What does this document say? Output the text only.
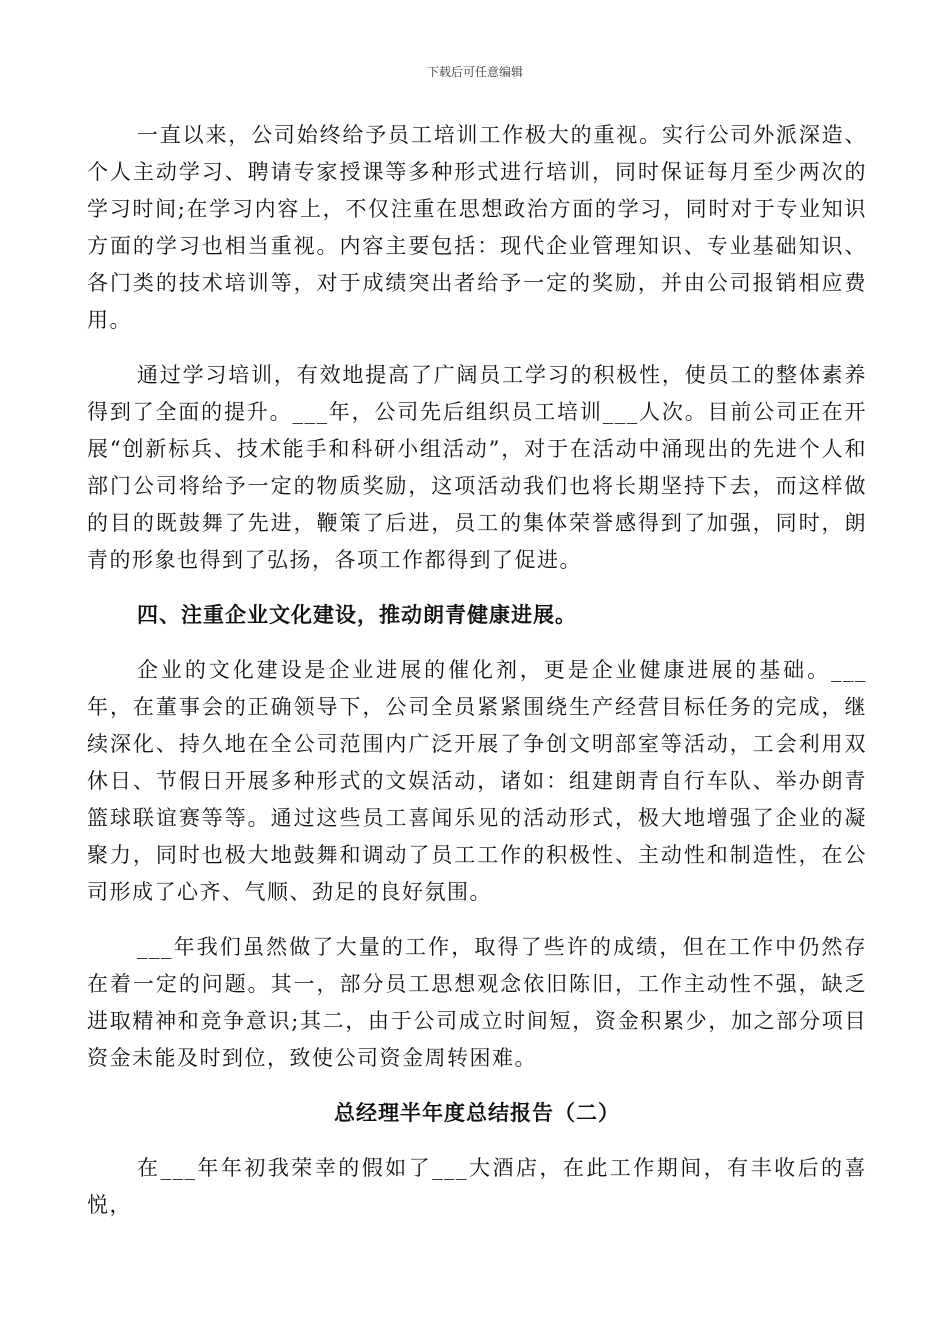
下载后可任意编辑

一直以来，公司始终给予员工培训工作极大的重视。实行公司外派深造、个人主动学习、聘请专家授课等多种形式进行培训，同时保证每月至少两次的学习时间;在学习内容上，不仅注重在思想政治方面的学习，同时对于专业知识方面的学习也相当重视。内容主要包括：现代企业管理知识、专业基础知识、各门类的技术培训等，对于成绩突出者给予一定的奖励，并由公司报销相应费用。

通过学习培训，有效地提高了广阔员工学习的积极性，使员工的整体素养得到了全面的提升。___年，公司先后组织员工培训___人次。目前公司正在开展“创新标兵、技术能手和科研小组活动”，对于在活动中涌现出的先进个人和部门公司将给予一定的物质奖励，这项活动我们也将长期坚持下去，而这样做的目的既鼓舞了先进，鞭策了后进，员工的集体荣誉感得到了加强，同时，朗青的形象也得到了弘扬，各项工作都得到了促进。

四、注重企业文化建设，推动朗青健康进展。

企业的文化建设是企业进展的催化剂，更是企业健康进展的基础。___年，在董事会的正确领导下，公司全员紧紧围绕生产经营目标任务的完成，继续深化、持久地在全公司范围内广泛开展了争创文明部室等活动，工会利用双休日、节假日开展多种形式的文娱活动，诸如：组建朗青自行车队、举办朗青篮球联谊赛等等。通过这些员工喜闻乐见的活动形式，极大地增强了企业的凝聚力，同时也极大地鼓舞和调动了员工工作的积极性、主动性和制造性，在公司形成了心齐、气顺、劲足的良好氛围。

___年我们虽然做了大量的工作，取得了些许的成绩，但在工作中仍然存在着一定的问题。其一，部分员工思想观念依旧陈旧，工作主动性不强，缺乏进取精神和竞争意识;其二，由于公司成立时间短，资金积累少，加之部分项目资金未能及时到位，致使公司资金周转困难。

总经理半年度总结报告（二）

在___年年初我荣幸的假如了___大酒店，在此工作期间，有丰收后的喜悦，
